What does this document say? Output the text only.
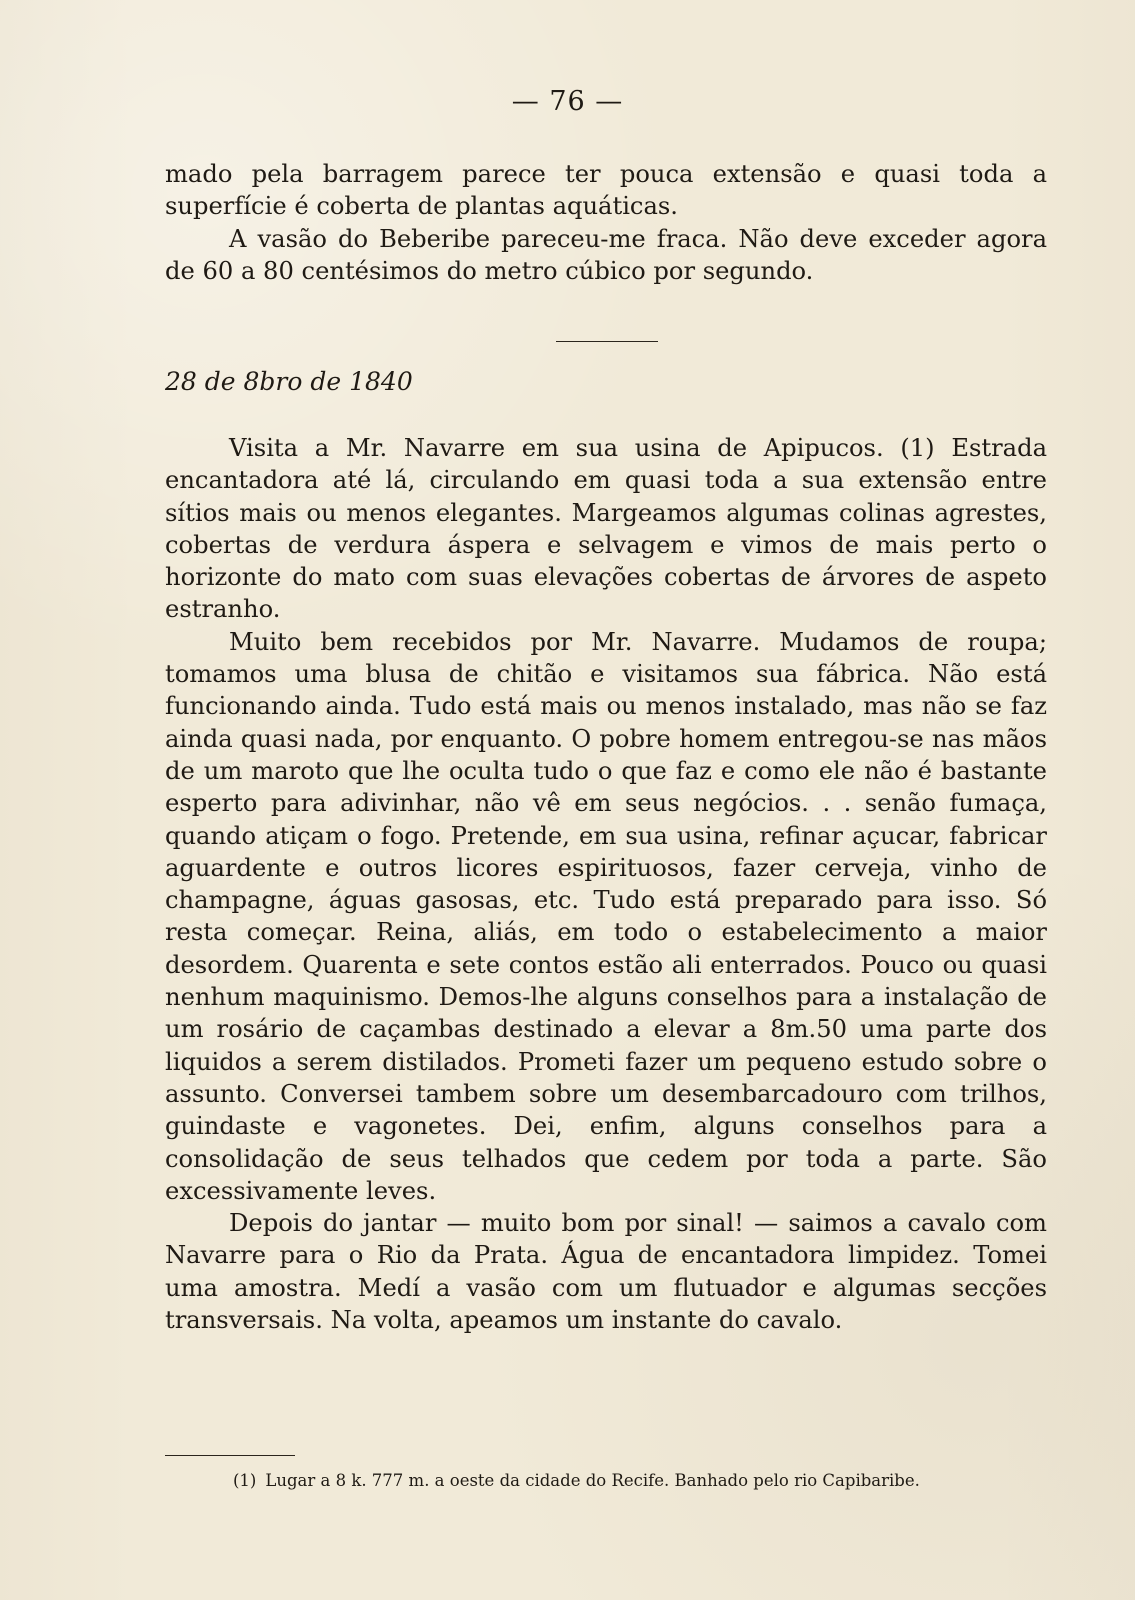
— 76 —

mado pela barragem parece ter pouca extensão e quasi toda a superfície é coberta de plantas aquáticas.

A vasão do Beberibe pareceu-me fraca. Não deve exceder agora de 60 a 80 centésimos do metro cúbico por segundo.

28 de 8bro de 1840

Visita a Mr. Navarre em sua usina de Apipucos. (1) Estrada encantadora até lá, circulando em quasi toda a sua extensão entre sítios mais ou menos elegantes. Margeamos algumas colinas agrestes, cobertas de verdura áspera e selvagem e vimos de mais perto o horizonte do mato com suas elevações cobertas de árvores de aspeto estranho.

Muito bem recebidos por Mr. Navarre. Mudamos de roupa; tomamos uma blusa de chitão e visitamos sua fábrica. Não está funcionando ainda. Tudo está mais ou menos instalado, mas não se faz ainda quasi nada, por enquanto. O pobre homem entregou-se nas mãos de um maroto que lhe oculta tudo o que faz e como ele não é bastante esperto para adivinhar, não vê em seus negócios. . . senão fumaça, quando atiçam o fogo. Pretende, em sua usina, refinar açucar, fabricar aguardente e outros licores espirituosos, fazer cerveja, vinho de champagne, águas gasosas, etc. Tudo está preparado para isso. Só resta começar. Reina, aliás, em todo o estabelecimento a maior desordem. Quarenta e sete contos estão ali enterrados. Pouco ou quasi nenhum maquinismo. Demos-lhe alguns conselhos para a instalação de um rosário de caçambas destinado a elevar a 8m.50 uma parte dos liquidos a serem distilados. Prometi fazer um pequeno estudo sobre o assunto. Conversei tambem sobre um desembarcadouro com trilhos, guindaste e vagonetes. Dei, enfim, alguns conselhos para a consolidação de seus telhados que cedem por toda a parte. São excessivamente leves.

Depois do jantar — muito bom por sinal! — saimos a cavalo com Navarre para o Rio da Prata. Água de encantadora limpidez. Tomei uma amostra. Medí a vasão com um flutuador e algumas secções transversais. Na volta, apeamos um instante do cavalo.

(1) Lugar a 8 k. 777 m. a oeste da cidade do Recife. Banhado pelo rio Capibaribe.
